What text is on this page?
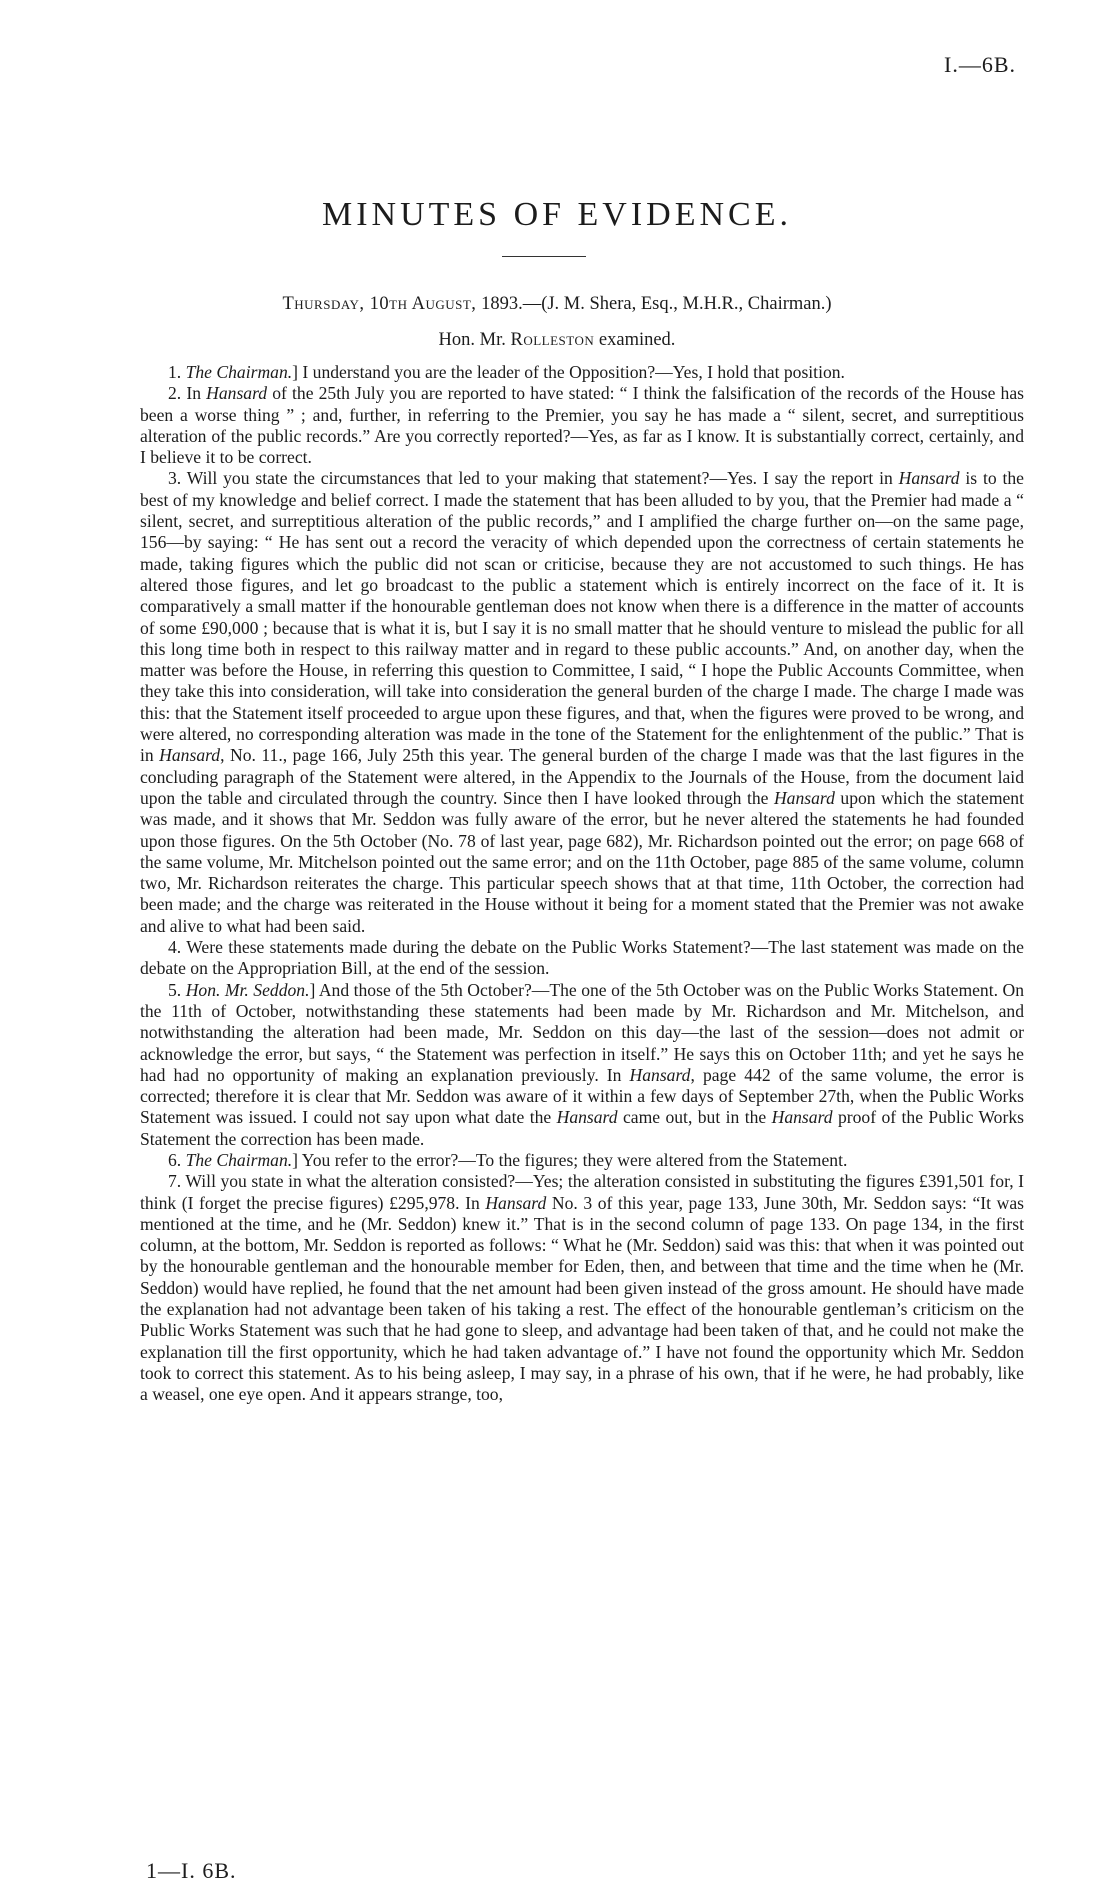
I.—6B.
MINUTES OF EVIDENCE.
Thursday, 10th August, 1893.—(J. M. Shera, Esq., M.H.R., Chairman.)
Hon. Mr. Rolleston examined.

1. The Chairman.] I understand you are the leader of the Opposition?—Yes, I hold that position.

2. In Hansard of the 25th July you are reported to have stated: “ I think the falsification of the records of the House has been a worse thing ” ; and, further, in referring to the Premier, you say he has made a “ silent, secret, and surreptitious alteration of the public records.” Are you correctly reported?—Yes, as far as I know. It is substantially correct, certainly, and I believe it to be correct.

3. Will you state the circumstances that led to your making that statement?—Yes. I say the report in Hansard is to the best of my knowledge and belief correct. I made the statement that has been alluded to by you, that the Premier had made a “ silent, secret, and surreptitious alteration of the public records,” and I amplified the charge further on—on the same page, 156—by saying: “ He has sent out a record the veracity of which depended upon the correctness of certain statements he made, taking figures which the public did not scan or criticise, because they are not accustomed to such things. He has altered those figures, and let go broadcast to the public a statement which is entirely incorrect on the face of it. It is comparatively a small matter if the honourable gentleman does not know when there is a difference in the matter of accounts of some £90,000 ; because that is what it is, but I say it is no small matter that he should venture to mislead the public for all this long time both in respect to this railway matter and in regard to these public accounts.” And, on another day, when the matter was before the House, in referring this question to Committee, I said, “ I hope the Public Accounts Committee, when they take this into consideration, will take into consideration the general burden of the charge I made. The charge I made was this: that the Statement itself proceeded to argue upon these figures, and that, when the figures were proved to be wrong, and were altered, no corresponding alteration was made in the tone of the Statement for the enlightenment of the public.” That is in Hansard, No. 11., page 166, July 25th this year. The general burden of the charge I made was that the last figures in the concluding paragraph of the Statement were altered, in the Appendix to the Journals of the House, from the document laid upon the table and circulated through the country. Since then I have looked through the Hansard upon which the statement was made, and it shows that Mr. Seddon was fully aware of the error, but he never altered the statements he had founded upon those figures. On the 5th October (No. 78 of last year, page 682), Mr. Richardson pointed out the error; on page 668 of the same volume, Mr. Mitchelson pointed out the same error; and on the 11th October, page 885 of the same volume, column two, Mr. Richardson reiterates the charge. This particular speech shows that at that time, 11th October, the correction had been made; and the charge was reiterated in the House without it being for a moment stated that the Premier was not awake and alive to what had been said.

4. Were these statements made during the debate on the Public Works Statement?—The last statement was made on the debate on the Appropriation Bill, at the end of the session.

5. Hon. Mr. Seddon.] And those of the 5th October?—The one of the 5th October was on the Public Works Statement. On the 11th of October, notwithstanding these statements had been made by Mr. Richardson and Mr. Mitchelson, and notwithstanding the alteration had been made, Mr. Seddon on this day—the last of the session—does not admit or acknowledge the error, but says, “ the Statement was perfection in itself.” He says this on October 11th; and yet he says he had had no opportunity of making an explanation previously. In Hansard, page 442 of the same volume, the error is corrected; therefore it is clear that Mr. Seddon was aware of it within a few days of September 27th, when the Public Works Statement was issued. I could not say upon what date the Hansard came out, but in the Hansard proof of the Public Works Statement the correction has been made.

6. The Chairman.] You refer to the error?—To the figures; they were altered from the Statement.

7. Will you state in what the alteration consisted?—Yes; the alteration consisted in substituting the figures £391,501 for, I think (I forget the precise figures) £295,978. In Hansard No. 3 of this year, page 133, June 30th, Mr. Seddon says: “It was mentioned at the time, and he (Mr. Seddon) knew it.” That is in the second column of page 133. On page 134, in the first column, at the bottom, Mr. Seddon is reported as follows: “ What he (Mr. Seddon) said was this: that when it was pointed out by the honourable gentleman and the honourable member for Eden, then, and between that time and the time when he (Mr. Seddon) would have replied, he found that the net amount had been given instead of the gross amount. He should have made the explanation had not advantage been taken of his taking a rest. The effect of the honourable gentleman’s criticism on the Public Works Statement was such that he had gone to sleep, and advantage had been taken of that, and he could not make the explanation till the first opportunity, which he had taken advantage of.” I have not found the opportunity which Mr. Seddon took to correct this statement. As to his being asleep, I may say, in a phrase of his own, that if he were, he had probably, like a weasel, one eye open. And it appears strange, too,

1—I. 6B.
